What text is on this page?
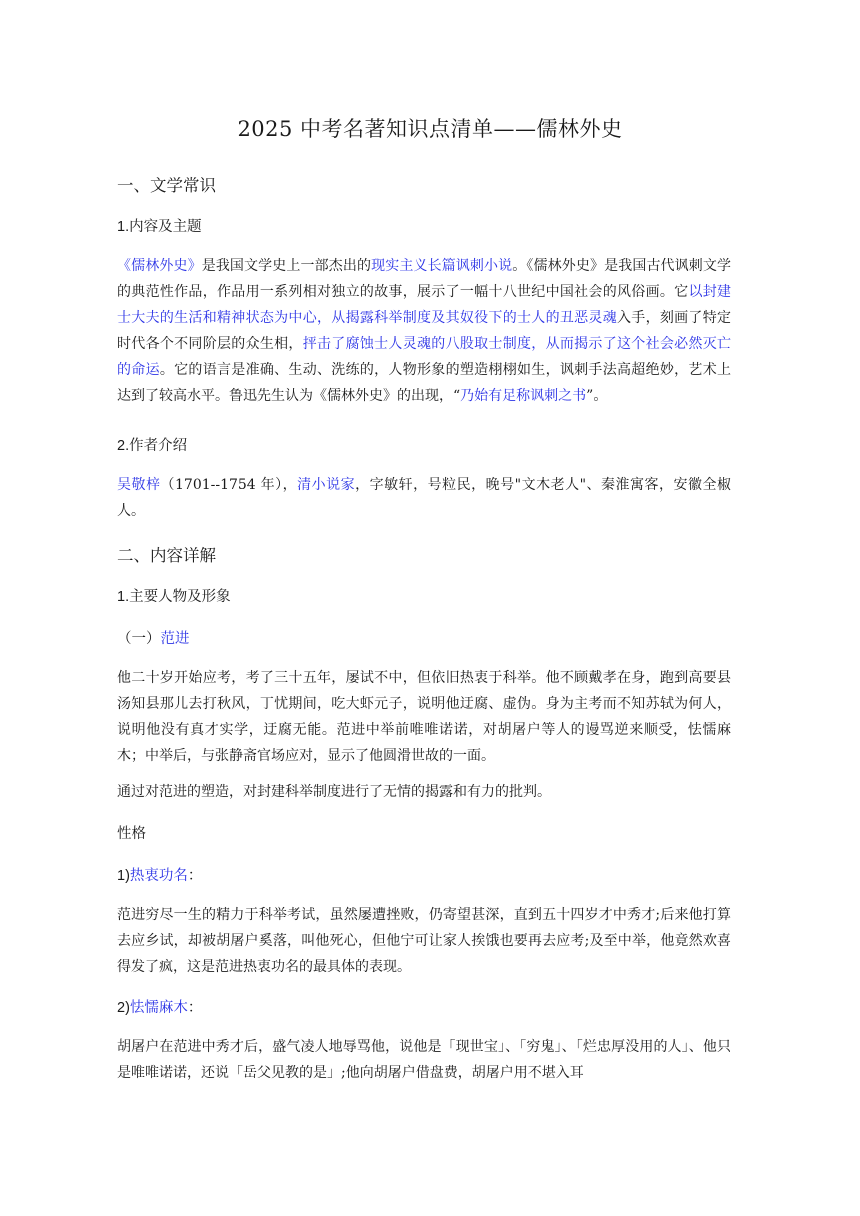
2025 中考名著知识点清单——儒林外史
一、文学常识
1.内容及主题

《儒林外史》是我国文学史上一部杰出的现实主义长篇讽刺小说。《儒林外史》是我国古代讽刺文学的典范性作品，作品用一系列相对独立的故事，展示了一幅十八世纪中国社会的风俗画。它以封建士大夫的生活和精神状态为中心，从揭露科举制度及其奴役下的士人的丑恶灵魂入手，刻画了特定时代各个不同阶层的众生相，抨击了腐蚀士人灵魂的八股取士制度，从而揭示了这个社会必然灭亡的命运。它的语言是准确、生动、洗练的，人物形象的塑造栩栩如生，讽刺手法高超绝妙，艺术上达到了较高水平。鲁迅先生认为《儒林外史》的出现，“乃始有足称讽刺之书”。

2.作者介绍

吴敬梓（1701--1754 年），清小说家，字敏轩，号粒民，晚号"文木老人"、秦淮寓客，安徽全椒人。

二、内容详解
1.主要人物及形象
（一）范进

他二十岁开始应考，考了三十五年，屡试不中，但依旧热衷于科举。他不顾戴孝在身，跑到高要县汤知县那儿去打秋风，丁忧期间，吃大虾元子，说明他迂腐、虚伪。身为主考而不知苏轼为何人，说明他没有真才实学，迂腐无能。范进中举前唯唯诺诺，对胡屠户等人的谩骂逆来顺受，怯懦麻木；中举后，与张静斋官场应对，显示了他圆滑世故的一面。

通过对范进的塑造，对封建科举制度进行了无情的揭露和有力的批判。

性格
1)热衷功名：

范进穷尽一生的精力于科举考试，虽然屡遭挫败，仍寄望甚深，直到五十四岁才中秀才;后来他打算去应乡试，却被胡屠户奚落，叫他死心，但他宁可让家人挨饿也要再去应考;及至中举，他竟然欢喜得发了疯，这是范进热衷功名的最具体的表现。

2)怯懦麻木：

胡屠户在范进中秀才后，盛气凌人地辱骂他，说他是「现世宝」、「穷鬼」、「烂忠厚没用的人」、他只是唯唯诺诺，还说「岳父见教的是」;他向胡屠户借盘费，胡屠户用不堪入耳
